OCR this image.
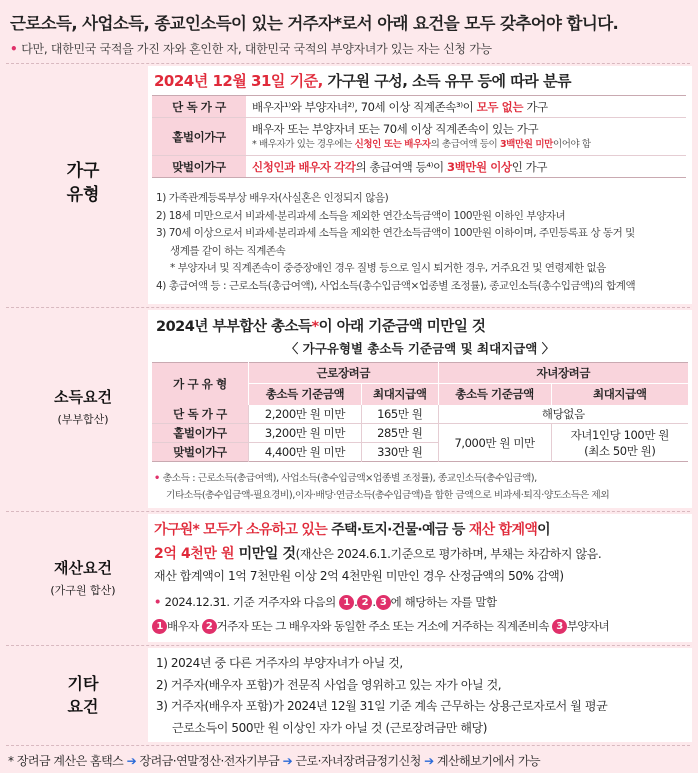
근로소득, 사업소득, 종교인소득이 있는 거주자*로서 아래 요건을 모두 갖추어야 합니다.
• 다만, 대한민국 국적을 가진 자와 혼인한 자, 대한민국 국적의 부양자녀가 있는 자는 신청 가능
가구
유형
2024년 12월 31일 기준, 가구원 구성, 소득 유무 등에 따라 분류
단 독 가 구	배우자¹⁾와 부양자녀²⁾, 70세 이상 직계존속³⁾이 모두 없는 가구
홑벌이가구	배우자 또는 부양자녀 또는 70세 이상 직계존속이 있는 가구
* 배우자가 있는 경우에는 신청인 또는 배우자의 총급여액 등이 3백만원 미만이어야 함

맞벌이가구	신청인과 배우자 각각의 총급여액 등⁴⁾이 3백만원 이상인 가구
1) 가족관계등록부상 배우자(사실혼은 인정되지 않음)
2) 18세 미만으로서 비과세·분리과세 소득을 제외한 연간소득금액이 100만원 이하인 부양자녀
3) 70세 이상으로서 비과세·분리과세 소득을 제외한 연간소득금액이 100만원 이하이며, 주민등록표 상 동거 및
생계를 같이 하는 직계존속
* 부양자녀 및 직계존속이 중증장애인 경우 질병 등으로 일시 퇴거한 경우, 거주요건 및 연령제한 없음
4) 총급여액 등 : 근로소득(총급여액), 사업소득(총수입금액×업종별 조정률), 종교인소득(총수입금액)의 합계액
소득요건
(부부합산)
2024년 부부합산 총소득*이 아래 기준금액 미만일 것
〈 가구유형별 총소득 기준금액 및 최대지급액 〉
가 구 유 형	근로장려금		자녀장려금	
	총소득 기준금액	최대지급액	총소득 기준금액	최대지급액
단 독 가 구	2,200만 원 미만	165만 원	해당없음	
홑벌이가구	3,200만 원 미만	285만 원	7,000만 원 미만	자녀1인당 100만 원
(최소 50만 원)

맞벌이가구	4,400만 원 미만	330만 원		
• 총소득 : 근로소득(총급여액), 사업소득(총수입금액×업종별 조정률), 종교인소득(총수입금액),
기타소득(총수입금액-필요경비),이자·배당·연금소득(총수입금액)을 합한 금액으로 비과세·퇴직·양도소득은 제외
재산요건
(가구원 합산)
가구원* 모두가 소유하고 있는 주택·토지·건물·예금 등 재산 합계액이
2억 4천만 원 미만일 것(재산은 2024.6.1.기준으로 평가하며, 부채는 차감하지 않음.
재산 합계액이 1억 7천만원 이상 2억 4천만원 미만인 경우 산정금액의 50% 감액)
• 2024.12.31. 기준 거주자와 다음의 1 . 2 . 3 에 해당하는 자를 말함
1 배우자 2 거주자 또는 그 배우자와 동일한 주소 또는 거소에 거주하는 직계존비속 3 부양자녀
기타
요건
1) 2024년 중 다른 거주자의 부양자녀가 아닐 것,
2) 거주자(배우자 포함)가 전문직 사업을 영위하고 있는 자가 아닐 것,
3) 거주자(배우자 포함)가 2024년 12월 31일 기준 계속 근무하는 상용근로자로서 월 평균
근로소득이 500만 원 이상인 자가 아닐 것 (근로장려금만 해당)
* 장려금 계산은 홈택스 ➔ 장려금·연말정산·전자기부금 ➔ 근로·자녀장려금정기신청 ➔ 계산해보기에서 가능
